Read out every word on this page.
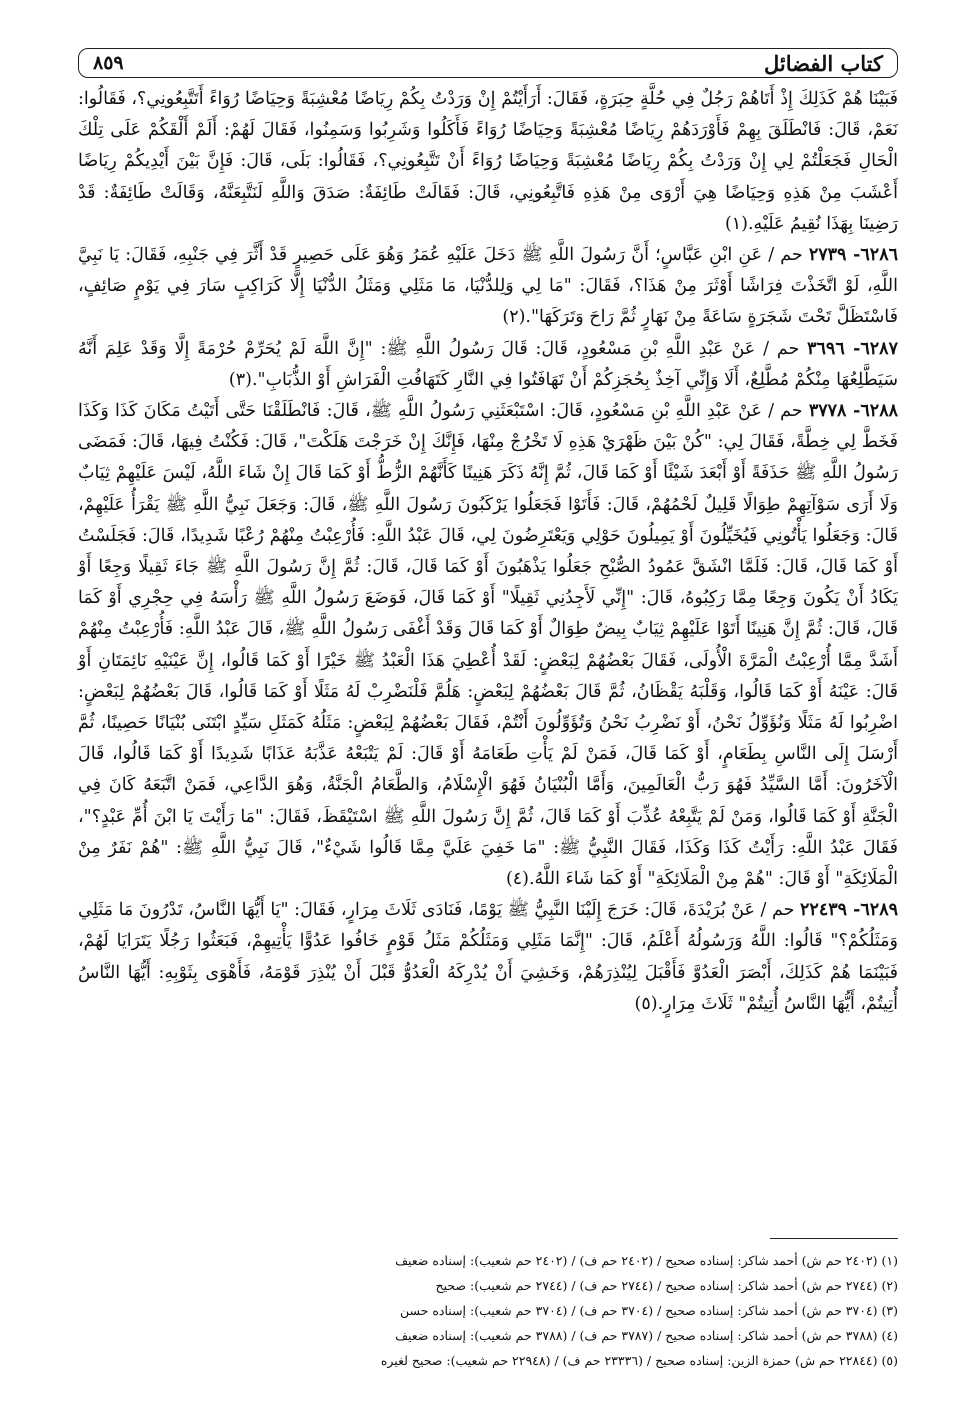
٨٥٩	كتاب الفضائل

فَبَيْنَا هُمْ كَذَلِكَ إِذْ أَتَاهُمْ رَجُلٌ فِي حُلَّةٍ حِبَرَةٍ، فَقَالَ: أَرَأَيْتُمْ إِنْ وَرَدْتُ بِكُمْ رِيَاضًا مُعْشِبَةً وَحِيَاضًا رُوَاءً أَتَتَّبِعُونِي؟، فَقَالُوا: نَعَمْ، قَالَ: فَانْطَلَقَ بِهِمْ فَأَوْرَدَهُمْ رِيَاضًا مُعْشِبَةً وَحِيَاضًا رُوَاءً فَأَكَلُوا وَشَرِبُوا وَسَمِنُوا، فَقَالَ لَهُمْ: أَلَمْ أَلْقَكُمْ عَلَى تِلْكَ الْحَالِ فَجَعَلْتُمْ لِي إِنْ وَرَدْتُ بِكُمْ رِيَاضًا مُعْشِبَةً وَحِيَاضًا رُوَاءً أَنْ تَتَّبِعُونِي؟، فَقَالُوا: بَلَى، قَالَ: فَإِنَّ بَيْنَ أَيْدِيكُمْ رِيَاضًا أَعْشَبَ مِنْ هَذِهِ وَحِيَاضًا هِيَ أَرْوَى مِنْ هَذِهِ فَاتَّبِعُونِي، قَالَ: فَقَالَتْ طَائِفَةٌ: صَدَقَ وَاللَّهِ لَنَتَّبِعَنَّهُ، وَقَالَتْ طَائِفَةٌ: قَدْ رَضِينَا بِهَذَا نُقِيمُ عَلَيْهِ.(١)

٦٢٨٦- ٢٧٣٩ حم / عَنِ ابْنِ عَبَّاسٍ؛ أَنَّ رَسُولَ اللَّهِ ﷺ دَخَلَ عَلَيْهِ عُمَرُ وَهُوَ عَلَى حَصِيرٍ قَدْ أَثَّرَ فِي جَنْبِهِ، فَقَالَ: يَا نَبِيَّ اللَّهِ، لَوْ اتَّخَذْتَ فِرَاشًا أَوْثَرَ مِنْ هَذَا؟، فَقَالَ: "مَا لِي وَلِلدُّنْيَا، مَا مَثَلِي وَمَثَلُ الدُّنْيَا إِلَّا كَرَاكِبٍ سَارَ فِي يَوْمٍ صَائِفٍ، فَاسْتَظَلَّ تَحْتَ شَجَرَةٍ سَاعَةً مِنْ نَهَارٍ ثُمَّ رَاحَ وَتَرَكَهَا".(٢)

٦٢٨٧- ٣٦٩٦ حم / عَنْ عَبْدِ اللَّهِ بْنِ مَسْعُودٍ، قَالَ: قَالَ رَسُولُ اللَّهِ ﷺ: "إِنَّ اللَّهَ لَمْ يُحَرِّمْ حُرْمَةً إِلَّا وَقَدْ عَلِمَ أَنَّهُ سَيَطَّلِعُهَا مِنْكُمْ مُطَّلِعٌ، أَلَا وَإِنِّي آخِذٌ بِحُجَزِكُمْ أَنْ تَهَافَتُوا فِي النَّارِ كَتَهَافُتِ الْفَرَاشِ أَوْ الذُّبَابِ".(٣)

٦٢٨٨- ٣٧٧٨ حم / عَنْ عَبْدِ اللَّهِ بْنِ مَسْعُودٍ، قَالَ: اسْتَبْعَثَنِي رَسُولُ اللَّهِ ﷺ، قَالَ: فَانْطَلَقْنَا حَتَّى أَتَيْتُ مَكَانَ كَذَا وَكَذَا فَخَطَّ لِي خِطَّةً، فَقَالَ لِي: "كُنْ بَيْنَ ظَهْرَيْ هَذِهِ لَا تَخْرُجْ مِنْهَا، فَإِنَّكَ إِنْ خَرَجْتَ هَلَكْتَ"، قَالَ: فَكُنْتُ فِيهَا، قَالَ: فَمَضَى رَسُولُ اللَّهِ ﷺ حَذَفَةً أَوْ أَبْعَدَ شَيْئًا أَوْ كَمَا قَالَ، ثُمَّ إِنَّهُ ذَكَرَ هَنِينًا كَأَنَّهُمْ الزُّطُّ أَوْ كَمَا قَالَ إِنْ شَاءَ اللَّهُ، لَيْسَ عَلَيْهِمْ ثِيَابٌ وَلَا أَرَى سَوْآتِهِمْ طِوَالًا قَلِيلٌ لَحْمُهُمْ، قَالَ: فَأَتَوْا فَجَعَلُوا يَرْكَبُونَ رَسُولَ اللَّهِ ﷺ، قَالَ: وَجَعَلَ نَبِيُّ اللَّهِ ﷺ يَقْرَأُ عَلَيْهِمْ، قَالَ: وَجَعَلُوا يَأْتُونِي فَيُخَيِّلُونَ أَوْ يَمِيلُونَ حَوْلِي وَيَعْتَرِضُونَ لِي، قَالَ عَبْدُ اللَّهِ: فَأُرْعِبْتُ مِنْهُمْ رُعْبًا شَدِيدًا، قَالَ: فَجَلَسْتُ أَوْ كَمَا قَالَ، قَالَ: فَلَمَّا انْشَقَّ عَمُودُ الصُّبْحِ جَعَلُوا يَذْهَبُونَ أَوْ كَمَا قَالَ، قَالَ: ثُمَّ إِنَّ رَسُولَ اللَّهِ ﷺ جَاءَ ثَقِيلًا وَجِعًا أَوْ يَكَادُ أَنْ يَكُونَ وَجِعًا مِمَّا رَكِبُوهُ، قَالَ: "إِنِّي لَأَجِدُنِي ثَقِيلًا" أَوْ كَمَا قَالَ، فَوَضَعَ رَسُولُ اللَّهِ ﷺ رَأْسَهُ فِي حِجْرِي أَوْ كَمَا قَالَ، قَالَ: ثُمَّ إِنَّ هَنِينًا أَتَوْا عَلَيْهِمْ ثِيَابٌ بِيضٌ طِوَالٌ أَوْ كَمَا قَالَ وَقَدْ أَغْفَى رَسُولُ اللَّهِ ﷺ، قَالَ عَبْدُ اللَّهِ: فَأُرْعِبْتُ مِنْهُمْ أَشَدَّ مِمَّا أُرْعِبْتُ الْمَرَّةَ الْأُولَى، فَقَالَ بَعْضُهُمْ لِبَعْضٍ: لَقَدْ أُعْطِيَ هَذَا الْعَبْدُ ﷺ خَيْرًا أَوْ كَمَا قَالُوا، إِنَّ عَيْنَيْهِ نَائِمَتَانِ أَوْ قَالَ: عَيْنَهُ أَوْ كَمَا قَالُوا، وَقَلْبَهُ يَقْظَانُ، ثُمَّ قَالَ بَعْضُهُمْ لِبَعْضٍ: هَلُمَّ فَلْنَضْرِبْ لَهُ مَثَلًا أَوْ كَمَا قَالُوا، قَالَ بَعْضُهُمْ لِبَعْضٍ: اضْرِبُوا لَهُ مَثَلًا وَنُؤَوِّلُ نَحْنُ، أَوْ نَضْرِبُ نَحْنُ وَتُؤَوِّلُونَ أَنْتُمْ، فَقَالَ بَعْضُهُمْ لِبَعْضٍ: مَثَلُهُ كَمَثَلِ سَيِّدٍ ابْتَنَى بُنْيَانًا حَصِينًا، ثُمَّ أَرْسَلَ إِلَى النَّاسِ بِطَعَامٍ، أَوْ كَمَا قَالَ، فَمَنْ لَمْ يَأْتِ طَعَامَهُ أَوْ قَالَ: لَمْ يَتْبَعْهُ عَذَّبَهُ عَذَابًا شَدِيدًا أَوْ كَمَا قَالُوا، قَالَ الْآخَرُونَ: أَمَّا السَّيِّدُ فَهُوَ رَبُّ الْعَالَمِينَ، وَأَمَّا الْبُنْيَانُ فَهُوَ الْإِسْلَامُ، وَالطَّعَامُ الْجَنَّةُ، وَهُوَ الدَّاعِي، فَمَنْ اتَّبَعَهُ كَانَ فِي الْجَنَّةِ أَوْ كَمَا قَالُوا، وَمَنْ لَمْ يَتَّبِعْهُ عُذِّبَ أَوْ كَمَا قَالَ، ثُمَّ إِنَّ رَسُولَ اللَّهِ ﷺ اسْتَيْقَظَ، فَقَالَ: "مَا رَأَيْتَ يَا ابْنَ أُمِّ عَبْدٍ؟"، فَقَالَ عَبْدُ اللَّهِ: رَأَيْتُ كَذَا وَكَذَا، فَقَالَ النَّبِيُّ ﷺ: "مَا خَفِيَ عَلَيَّ مِمَّا قَالُوا شَيْءٌ"، قَالَ نَبِيُّ اللَّهِ ﷺ: "هُمْ نَفَرٌ مِنْ الْمَلَائِكَةِ" أَوْ قَالَ: "هُمْ مِنْ الْمَلَائِكَةِ" أَوْ كَمَا شَاءَ اللَّهُ.(٤)

٦٢٨٩- ٢٢٤٣٩ حم / عَنْ بُرَيْدَةَ، قَالَ: خَرَجَ إِلَيْنَا النَّبِيُّ ﷺ يَوْمًا، فَنَادَى ثَلَاثَ مِرَارٍ، فَقَالَ: "يَا أَيُّهَا النَّاسُ، تَدْرُونَ مَا مَثَلِي وَمَثَلُكُمْ؟" قَالُوا: اللَّهُ وَرَسُولُهُ أَعْلَمُ، قَالَ: "إِنَّمَا مَثَلِي وَمَثَلُكُمْ مَثَلُ قَوْمٍ خَافُوا عَدُوًّا يَأْتِيهِمْ، فَبَعَثُوا رَجُلًا يَتَرَايَا لَهُمْ، فَبَيْنَمَا هُمْ كَذَلِكَ، أَبْصَرَ الْعَدُوَّ فَأَقْبَلَ لِيُنْذِرَهُمْ، وَخَشِيَ أَنْ يُدْرِكَهُ الْعَدُوُّ قَبْلَ أَنْ يُنْذِرَ قَوْمَهُ، فَأَهْوَى بِثَوْبِهِ: أَيُّهَا النَّاسُ أُتِيتُمْ، أَيُّهَا النَّاسُ أُتِيتُمْ" ثَلَاثَ مِرَارٍ.(٥)

(١) (٢٤٠٢ حم ش) أحمد شاكر: إسناده صحيح / (٢٤٠٢ حم ف) / (٢٤٠٢ حم شعيب): إسناده ضعيف
(٢) (٢٧٤٤ حم ش) أحمد شاكر: إسناده صحيح / (٢٧٤٤ حم ف) / (٢٧٤٤ حم شعيب): صحيح
(٣) (٣٧٠٤ حم ش) أحمد شاكر: إسناده صحيح / (٣٧٠٤ حم ف) / (٣٧٠٤ حم شعيب): إسناده حسن
(٤) (٣٧٨٨ حم ش) أحمد شاكر: إسناده صحيح / (٣٧٨٧ حم ف) / (٣٧٨٨ حم شعيب): إسناده ضعيف
(٥) (٢٢٨٤٤ حم ش) حمزة الزين: إسناده صحيح / (٢٣٣٣٦ حم ف) / (٢٢٩٤٨ حم شعيب): صحيح لغيره
